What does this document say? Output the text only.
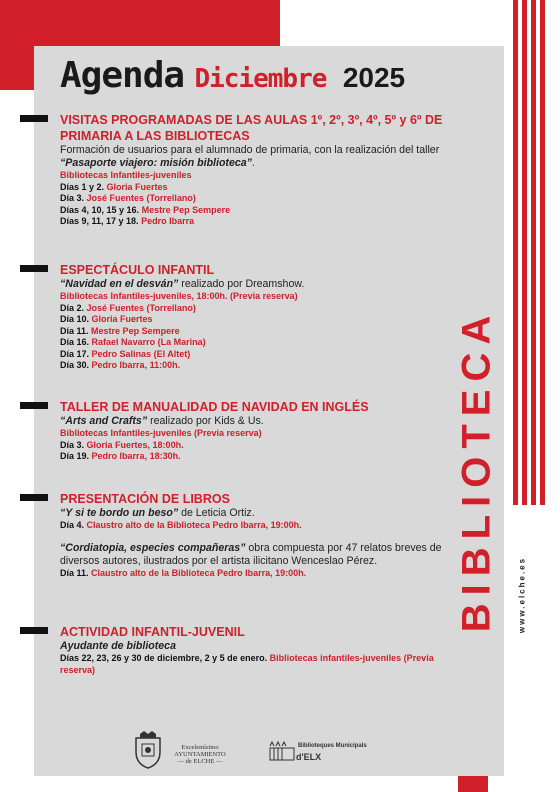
Agenda Diciembre 2025
VISITAS PROGRAMADAS DE LAS AULAS 1º, 2º, 3º, 4º, 5º y 6º DE PRIMARIA A LAS BIBLIOTECAS
Formación de usuarios para el alumnado de primaria, con la realización del taller “Pasaporte viajero: misión biblioteca”.
Bibliotecas Infantiles-juveniles
Días 1 y 2. Gloria Fuertes
Día 3. José Fuentes (Torrellano)
Días 4, 10, 15 y 16. Mestre Pep Sempere
Días 9, 11, 17 y 18. Pedro Ibarra
ESPECTÁCULO INFANTIL
“Navidad en el desván” realizado por Dreamshow.
Bibliotecas Infantiles-juveniles, 18:00h. (Previa reserva)
Día 2. José Fuentes (Torrellano)
Día 10. Gloria Fuertes
Día 11. Mestre Pep Sempere
Día 16. Rafael Navarro (La Marina)
Día 17. Pedro Salinas (El Altet)
Día 30. Pedro Ibarra, 11:00h.
TALLER DE MANUALIDAD DE NAVIDAD EN INGLÉS
“Arts and Crafts” realizado por Kids & Us.
Bibliotecas Infantiles-juveniles (Previa reserva)
Día 3. Gloria Fuertes, 18:00h.
Día 19. Pedro Ibarra, 18:30h.
PRESENTACIÓN DE LIBROS
“Y si te bordo un beso” de Leticia Ortiz.
Día 4. Claustro alto de la Biblioteca Pedro Ibarra, 19:00h.
“Cordiatopia, especies compañeras” obra compuesta por 47 relatos breves de diversos autores, ilustrados por el artista ilicitano Wenceslao Pérez.
Día 11. Claustro alto de la Biblioteca Pedro Ibarra, 19:00h.
ACTIVIDAD INFANTIL-JUVENIL
Ayudante de biblioteca
Días 22, 23, 26 y 30 de diciembre, 2 y 5 de enero. Bibliotecas infantiles-juveniles (Previa reserva)
BIBLIOTECA www.elche.es
Excelentísimo
AYUNTAMIENTO
— de ELCHE —
Biblioteques Municipals
d'ELX
